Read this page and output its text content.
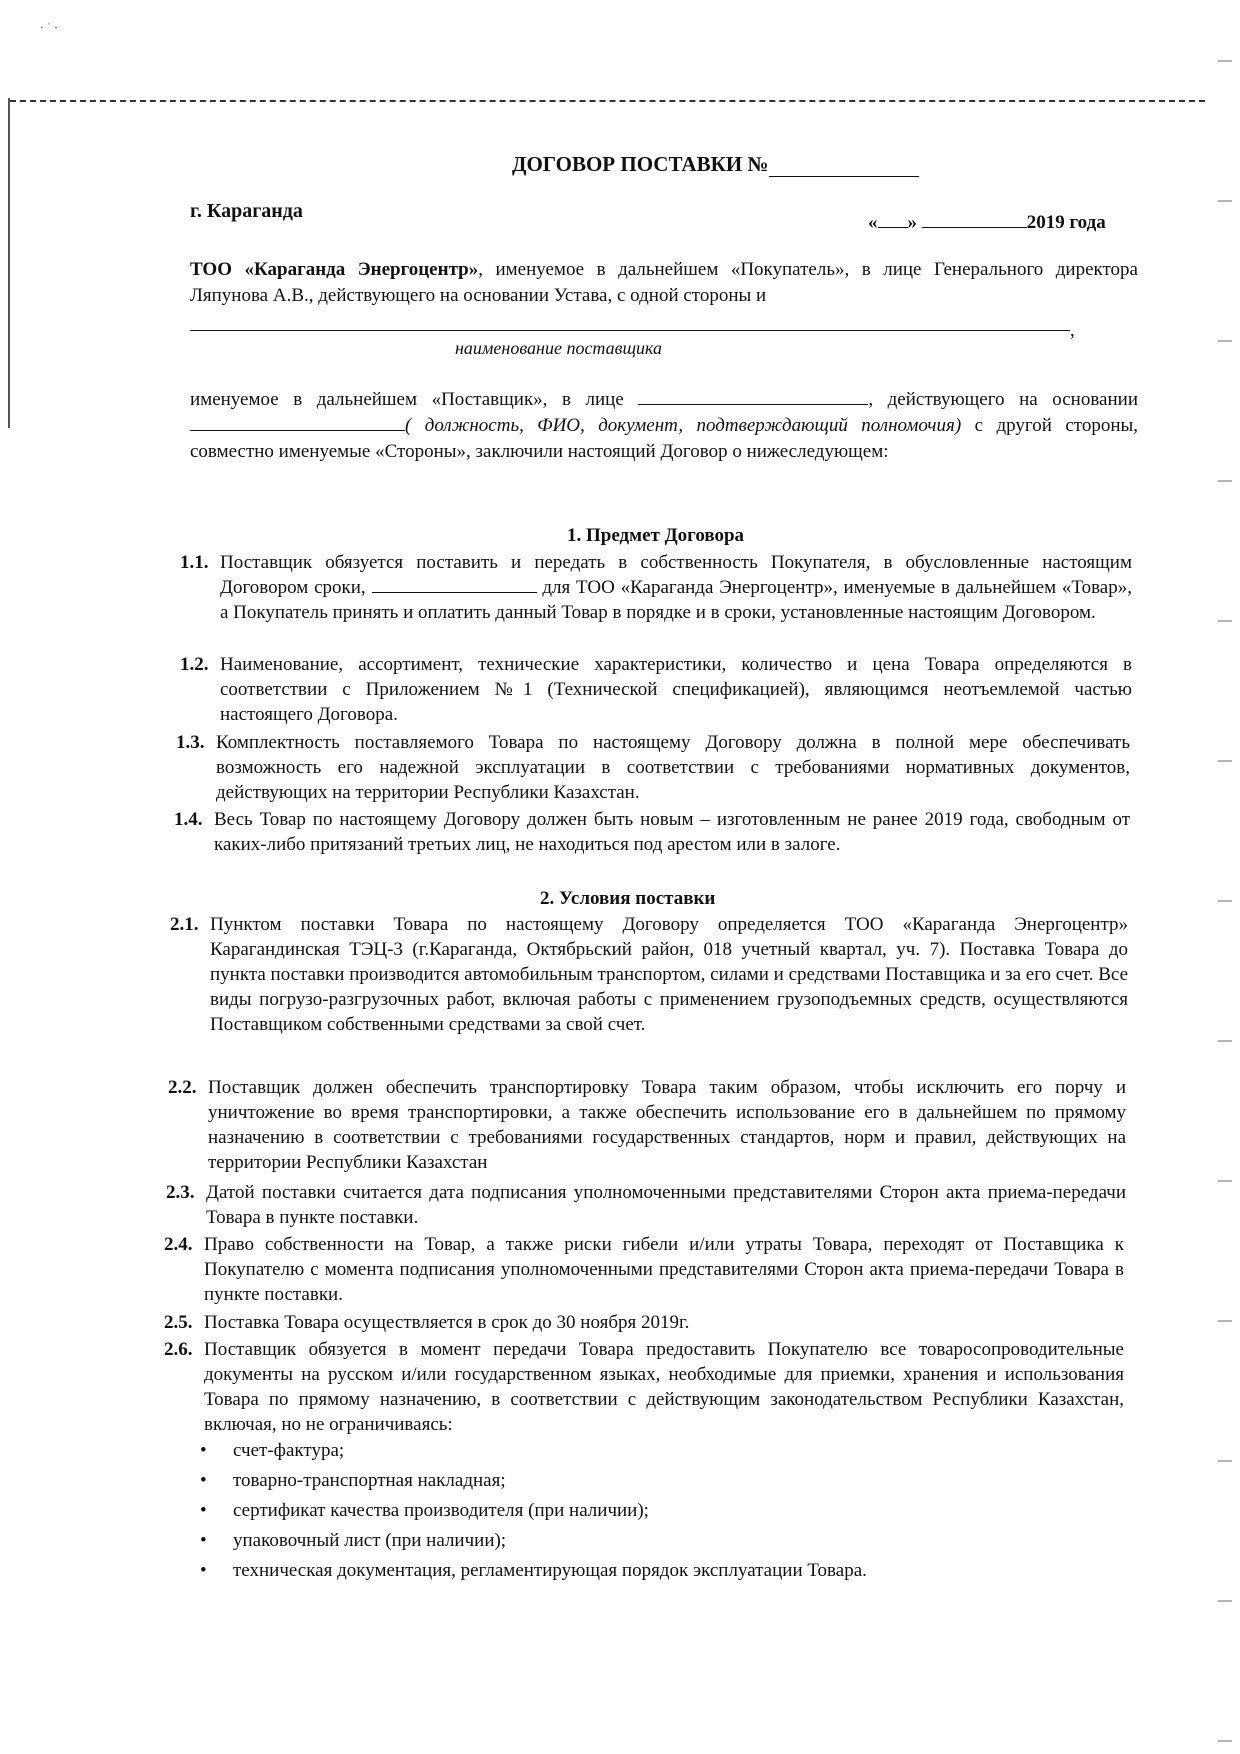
· ˙ ·
ДОГОВОР ПОСТАВКИ №
г. Караганда
« »	2019 года
ТОО «Караганда Энергоцентр», именуемое в дальнейшем «Покупатель», в лице Генерального директора Ляпунова А.В., действующего на основании Устава, с одной стороны и
,
наименование поставщика
именуемое в дальнейшем «Поставщик», в лице	, действующего на основании ( должность, ФИО, документ, подтверждающий полномочия) с другой стороны, совместно именуемые «Стороны», заключили настоящий Договор о нижеследующем:
1. Предмет Договора
1.1. Поставщик обязуется поставить и передать в собственность Покупателя, в обусловленные настоящим Договором сроки,	для ТОО «Караганда Энергоцентр», именуемые в дальнейшем «Товар», а Покупатель принять и оплатить данный Товар в порядке и в сроки, установленные настоящим Договором.
1.2. Наименование, ассортимент, технические характеристики, количество и цена Товара определяются в соответствии с Приложением №1 (Технической спецификацией), являющимся неотъемлемой частью настоящего Договора.
1.3. Комплектность поставляемого Товара по настоящему Договору должна в полной мере обеспечивать возможность его надежной эксплуатации в соответствии с требованиями нормативных документов, действующих на территории Республики Казахстан.
1.4. Весь Товар по настоящему Договору должен быть новым – изготовленным не ранее 2019 года, свободным от каких-либо притязаний третьих лиц, не находиться под арестом или в залоге.
2. Условия поставки
2.1. Пунктом поставки Товара по настоящему Договору определяется ТОО «Караганда Энергоцентр» Карагандинская ТЭЦ-3 (г.Караганда, Октябрьский район, 018 учетный квартал, уч. 7). Поставка Товара до пункта поставки производится автомобильным транспортом, силами и средствами Поставщика и за его счет. Все виды погрузо-разгрузочных работ, включая работы с применением грузоподъемных средств, осуществляются Поставщиком собственными средствами за свой счет.
2.2. Поставщик должен обеспечить транспортировку Товара таким образом, чтобы исключить его порчу и уничтожение во время транспортировки, а также обеспечить использование его в дальнейшем по прямому назначению в соответствии с требованиями государственных стандартов, норм и правил, действующих на территории Республики Казахстан
2.3. Датой поставки считается дата подписания уполномоченными представителями Сторон акта приема-передачи Товара в пункте поставки.
2.4. Право собственности на Товар, а также риски гибели и/или утраты Товара, переходят от Поставщика к Покупателю с момента подписания уполномоченными представителями Сторон акта приема-передачи Товара в пункте поставки.
2.5. Поставка Товара осуществляется в срок до 30 ноября 2019г.
2.6. Поставщик обязуется в момент передачи Товара предоставить Покупателю все товаросопроводительные документы на русском и/или государственном языках, необходимые для приемки, хранения и использования Товара по прямому назначению, в соответствии с действующим законодательством Республики Казахстан, включая, но не ограничиваясь:
• счет-фактура;
• товарно-транспортная накладная;
• сертификат качества производителя (при наличии);
• упаковочный лист (при наличии);
• техническая документация, регламентирующая порядок эксплуатации Товара.
